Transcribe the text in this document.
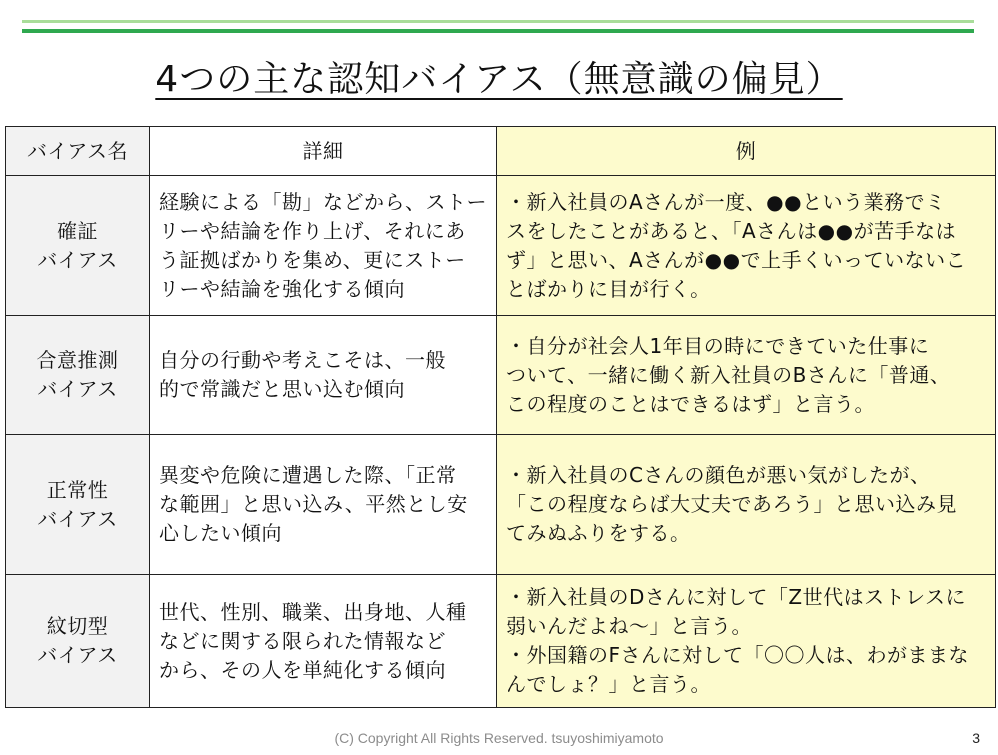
4つの主な認知バイアス（無意識の偏見）
バイアス名	詳細	例

確証
バイアス	経験による「勘」などから、ストー
リーや結論を作り上げ、それにあ
う証拠ばかりを集め、更にストー
リーや結論を強化する傾向	・新入社員のAさんが一度、●●という業務でミ
スをしたことがあると、「Aさんは●●が苦手なは
ず」と思い、Aさんが●●で上手くいっていないこ
とばかりに目が行く。

合意推測
バイアス	自分の行動や考えこそは、一般
的で常識だと思い込む傾向	・自分が社会人1年目の時にできていた仕事に
ついて、一緒に働く新入社員のBさんに「普通、
この程度のことはできるはず」と言う。

正常性
バイアス	異変や危険に遭遇した際、「正常
な範囲」と思い込み、平然とし安
心したい傾向	・新入社員のCさんの顔色が悪い気がしたが、
「この程度ならば大丈夫であろう」と思い込み見
てみぬふりをする。

紋切型
バイアス	世代、性別、職業、出身地、人種
などに関する限られた情報など
から、その人を単純化する傾向	・新入社員のDさんに対して「Z世代はストレスに
弱いんだよね～」と言う。
・外国籍のFさんに対して「〇〇人は、わがままな
んでしょ？」と言う。
(C) Copyright All Rights Reserved. tsuyoshimiyamoto	3
